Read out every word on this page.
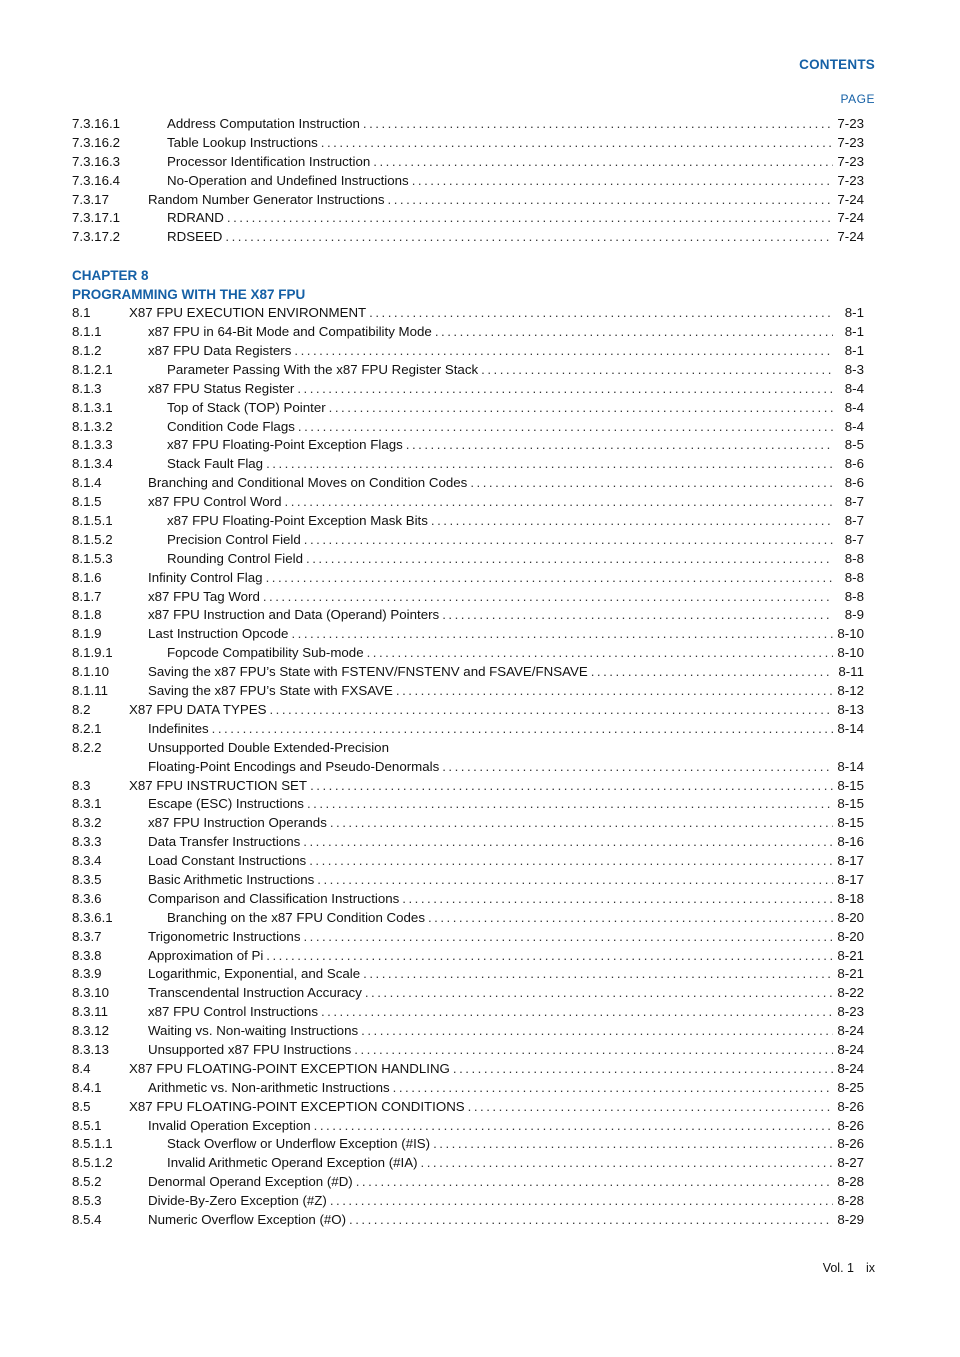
CONTENTS
PAGE
7.3.16.1	Address Computation Instruction . . .	7-23
7.3.16.2	Table Lookup Instructions . . .	7-23
7.3.16.3	Processor Identification Instruction . . .	7-23
7.3.16.4	No-Operation and Undefined Instructions . . .	7-23
7.3.17	Random Number Generator Instructions . . .	7-24
7.3.17.1	RDRAND . . .	7-24
7.3.17.2	RDSEED . . .	7-24
CHAPTER 8
PROGRAMMING WITH THE X87 FPU
8.1	X87 FPU EXECUTION ENVIRONMENT . . .	8-1
8.1.1	x87 FPU in 64-Bit Mode and Compatibility Mode . . .	8-1
8.1.2	x87 FPU Data Registers . . .	8-1
8.1.2.1	Parameter Passing With the x87 FPU Register Stack . . .	8-3
8.1.3	x87 FPU Status Register . . .	8-4
8.1.3.1	Top of Stack (TOP) Pointer . . .	8-4
8.1.3.2	Condition Code Flags . . .	8-4
8.1.3.3	x87 FPU Floating-Point Exception Flags . . .	8-5
8.1.3.4	Stack Fault Flag . . .	8-6
8.1.4	Branching and Conditional Moves on Condition Codes . . .	8-6
8.1.5	x87 FPU Control Word . . .	8-7
8.1.5.1	x87 FPU Floating-Point Exception Mask Bits . . .	8-7
8.1.5.2	Precision Control Field . . .	8-7
8.1.5.3	Rounding Control Field . . .	8-8
8.1.6	Infinity Control Flag . . .	8-8
8.1.7	x87 FPU Tag Word . . .	8-8
8.1.8	x87 FPU Instruction and Data (Operand) Pointers . . .	8-9
8.1.9	Last Instruction Opcode . . .	8-10
8.1.9.1	Fopcode Compatibility Sub-mode . . .	8-10
8.1.10	Saving the x87 FPU’s State with FSTENV/FNSTENV and FSAVE/FNSAVE . . .	8-11
8.1.11	Saving the x87 FPU’s State with FXSAVE . . .	8-12
8.2	X87 FPU DATA TYPES . . .	8-13
8.2.1	Indefinites . . .	8-14
8.2.2	Unsupported Double Extended-Precision
Floating-Point Encodings and Pseudo-Denormals . . .	8-14
8.3	X87 FPU INSTRUCTION SET . . .	8-15
8.3.1	Escape (ESC) Instructions . . .	8-15
8.3.2	x87 FPU Instruction Operands . . .	8-15
8.3.3	Data Transfer Instructions . . .	8-16
8.3.4	Load Constant Instructions . . .	8-17
8.3.5	Basic Arithmetic Instructions . . .	8-17
8.3.6	Comparison and Classification Instructions . . .	8-18
8.3.6.1	Branching on the x87 FPU Condition Codes . . .	8-20
8.3.7	Trigonometric Instructions . . .	8-20
8.3.8	Approximation of Pi . . .	8-21
8.3.9	Logarithmic, Exponential, and Scale . . .	8-21
8.3.10	Transcendental Instruction Accuracy . . .	8-22
8.3.11	x87 FPU Control Instructions . . .	8-23
8.3.12	Waiting vs. Non-waiting Instructions . . .	8-24
8.3.13	Unsupported x87 FPU Instructions . . .	8-24
8.4	X87 FPU FLOATING-POINT EXCEPTION HANDLING . . .	8-24
8.4.1	Arithmetic vs. Non-arithmetic Instructions . . .	8-25
8.5	X87 FPU FLOATING-POINT EXCEPTION CONDITIONS . . .	8-26
8.5.1	Invalid Operation Exception . . .	8-26
8.5.1.1	Stack Overflow or Underflow Exception (#IS) . . .	8-26
8.5.1.2	Invalid Arithmetic Operand Exception (#IA) . . .	8-27
8.5.2	Denormal Operand Exception (#D) . . .	8-28
8.5.3	Divide-By-Zero Exception (#Z) . . .	8-28
8.5.4	Numeric Overflow Exception (#O) . . .	8-29
Vol. 1 ix
